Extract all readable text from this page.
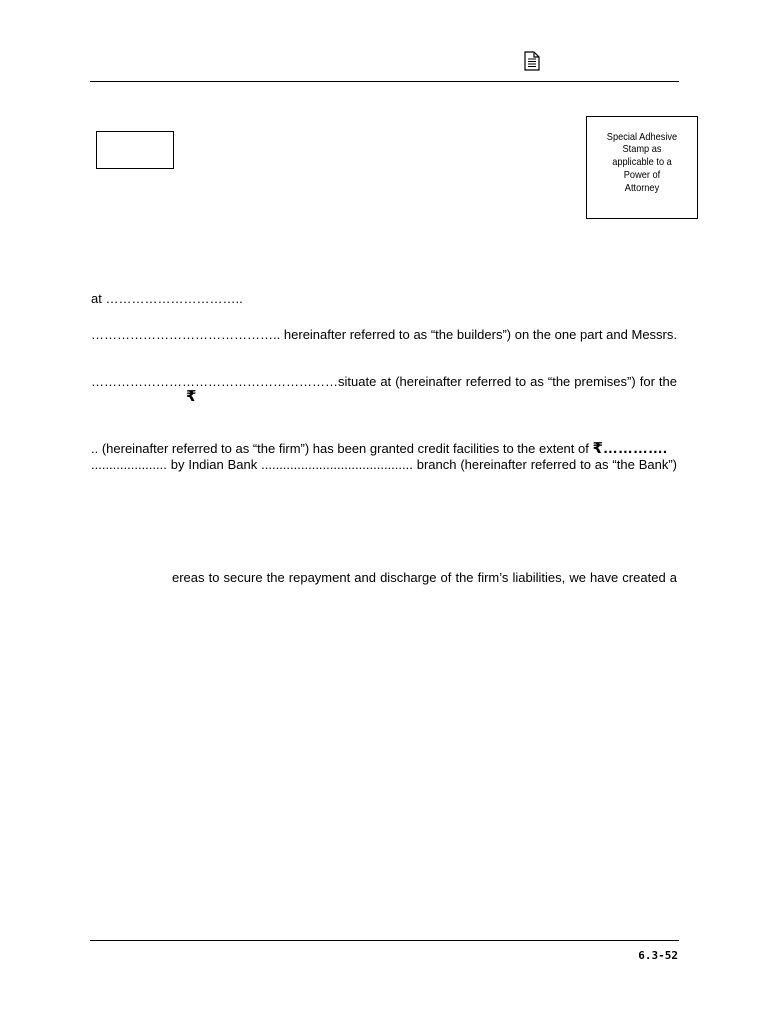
Special Adhesive
Stamp as
applicable to a
Power of
Attorney
at …………………………..
…………………………………….. hereinafter referred to as “the builders”) on the one part and Messrs.
…………………………………………………situate at (hereinafter referred to as “the premises”) for the
₹
.. (hereinafter referred to as “the firm”) has been granted credit facilities to the extent of ₹………….
..................... by Indian Bank .......................................... branch (hereinafter referred to as “the Bank”)
ereas to secure the repayment and discharge of the firm’s liabilities, we have created a
6.3-52
